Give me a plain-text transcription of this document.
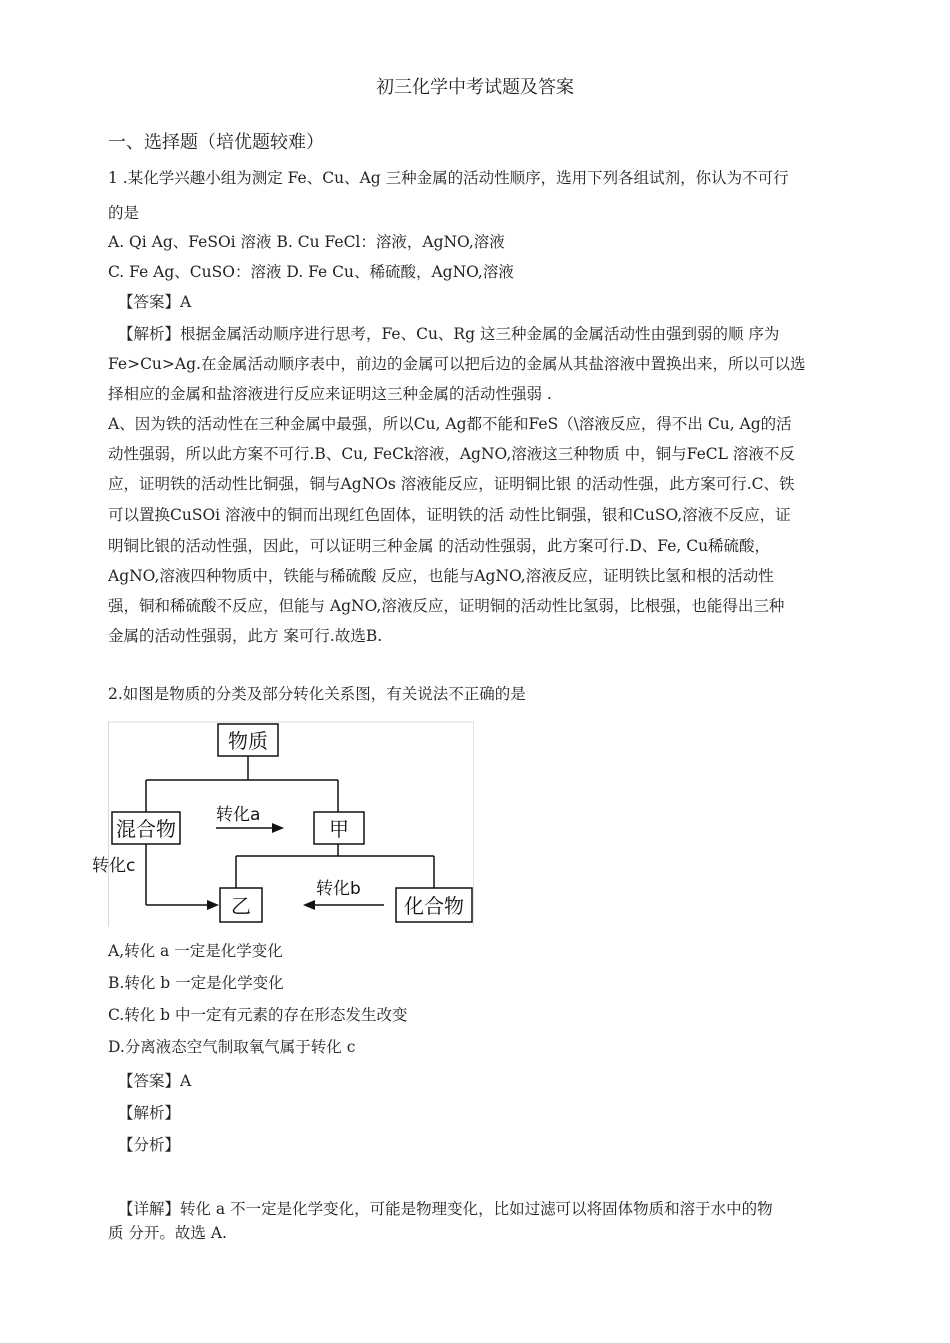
初三化学中考试题及答案
一、选择题（培优题较难）
1 .某化学兴趣小组为测定 Fe、Cu、Ag 三种金属的活动性顺序，选用下列各组试剂，你认为不可行
的是
A. Qi Ag、FeSOi 溶液 B. Cu FeCl：溶液，AgNO,溶液
C. Fe Ag、CuSO：溶液 D. Fe Cu、稀硫酸，AgNO,溶液
【答案】A
【解析】根据金属活动顺序进行思考，Fe、Cu、Rg 这三种金属的金属活动性由强到弱的顺 序为
Fe>Cu>Ag.在金属活动顺序表中，前边的金属可以把后边的金属从其盐溶液中置换出来，所以可以选
择相应的金属和盐溶液进行反应来证明这三种金属的活动性强弱 .
A、因为铁的活动性在三种金属中最强，所以Cu, Ag都不能和FeS（\溶液反应，得不出 Cu, Ag的活
动性强弱，所以此方案不可行.B、Cu, FeCk溶液，AgNO,溶液这三种物质 中，铜与FeCL 溶液不反
应，证明铁的活动性比铜强，铜与AgNOs 溶液能反应，证明铜比银 的活动性强，此方案可行.C、铁
可以置换CuSOi 溶液中的铜而出现红色固体，证明铁的活 动性比铜强，银和CuSO,溶液不反应，证
明铜比银的活动性强，因此，可以证明三种金属 的活动性强弱，此方案可行.D、Fe, Cu稀硫酸，
AgNO,溶液四种物质中，铁能与稀硫酸 反应，也能与AgNO,溶液反应，证明铁比氢和根的活动性
强，铜和稀硫酸不反应，但能与 AgNO,溶液反应，证明铜的活动性比氢弱，比根强，也能得出三种
金属的活动性强弱，此方 案可行.故选B.
2.如图是物质的分类及部分转化关系图，有关说法不正确的是
物质
混合物	甲
乙	化合物
转化a
转化b
转化c
A,转化 a 一定是化学变化
B.转化 b 一定是化学变化
C.转化 b 中一定有元素的存在形态发生改变
D.分离液态空气制取氧气属于转化 c
【答案】A
【解析】
【分析】
【详解】转化 a 不一定是化学变化，可能是物理变化，比如过滤可以将固体物质和溶于水中的物
质 分开。故选 A.
